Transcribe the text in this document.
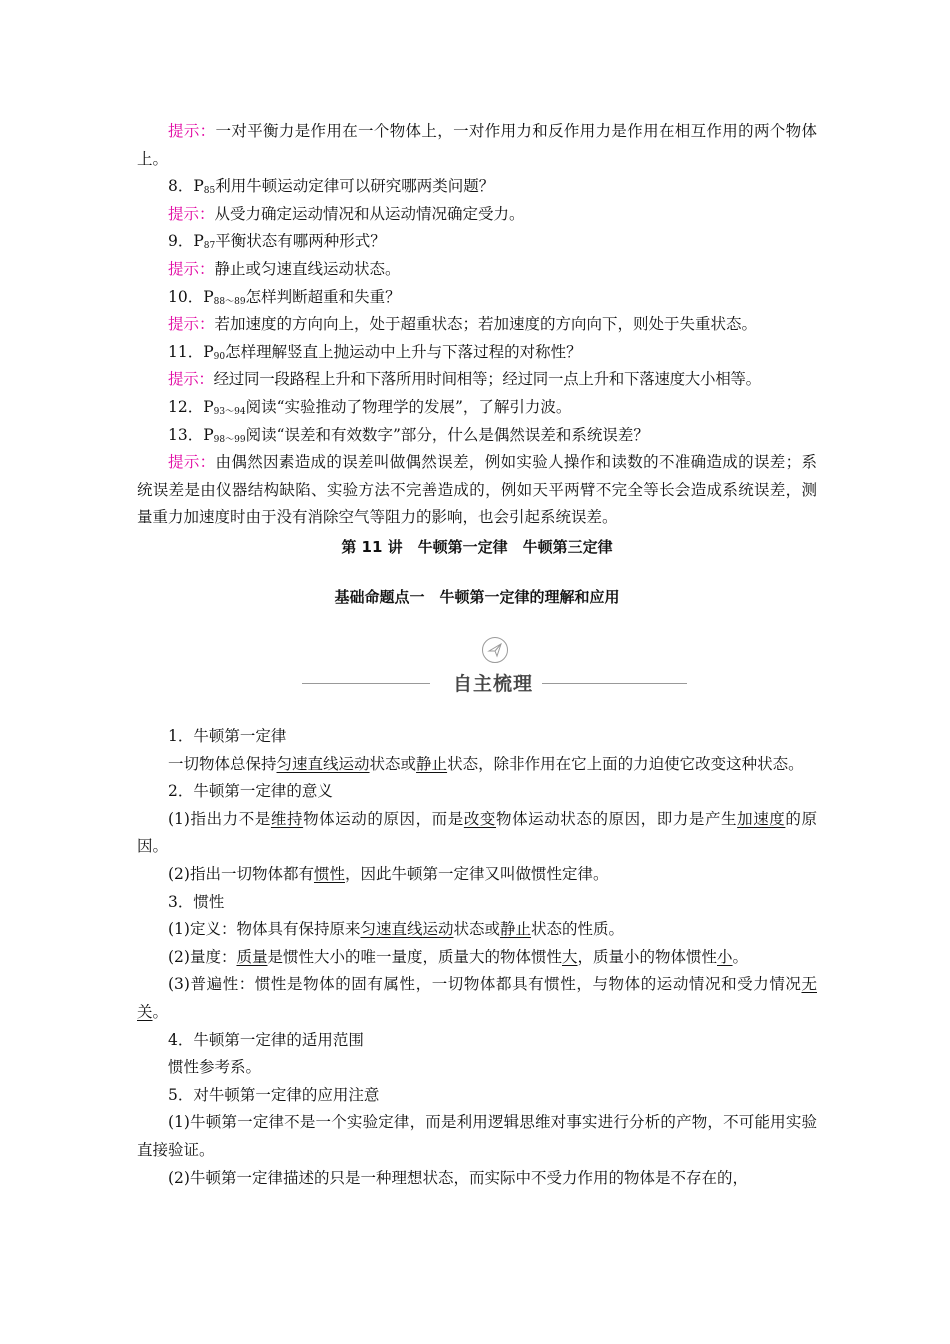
提示：一对平衡力是作用在一个物体上，一对作用力和反作用力是作用在相互作用的两个物体上。

8．$P_{85}$利用牛顿运动定律可以研究哪两类问题？

提示：从受力确定运动情况和从运动情况确定受力。

9．$P_{87}$平衡状态有哪两种形式？

提示：静止或匀速直线运动状态。

10．$P_{88\sim 89}$怎样判断超重和失重？

提示：若加速度的方向向上，处于超重状态；若加速度的方向向下，则处于失重状态。

11．$P_{90}$怎样理解竖直上抛运动中上升与下落过程的对称性？

提示：经过同一段路程上升和下落所用时间相等；经过同一点上升和下落速度大小相等。

12．$P_{93\sim 94}$阅读“实验推动了物理学的发展”，了解引力波。

13．$P_{98\sim 99}$阅读“误差和有效数字”部分，什么是偶然误差和系统误差？

提示：由偶然因素造成的误差叫做偶然误差，例如实验人操作和读数的不准确造成的误差；系统误差是由仪器结构缺陷、实验方法不完善造成的，例如天平两臂不完全等长会造成系统误差，测量重力加速度时由于没有消除空气等阻力的影响，也会引起系统误差。

第 11 讲　牛顿第一定律　牛顿第三定律

基础命题点一　牛顿第一定律的理解和应用

自主梳理

1．牛顿第一定律

一切物体总保持匀速直线运动状态或静止状态，除非作用在它上面的力迫使它改变这种状态。

2．牛顿第一定律的意义

(1)指出力不是维持物体运动的原因，而是改变物体运动状态的原因，即力是产生加速度的原因。

(2)指出一切物体都有惯性，因此牛顿第一定律又叫做惯性定律。

3．惯性

(1)定义：物体具有保持原来匀速直线运动状态或静止状态的性质。

(2)量度：质量是惯性大小的唯一量度，质量大的物体惯性大，质量小的物体惯性小。

(3)普遍性：惯性是物体的固有属性，一切物体都具有惯性，与物体的运动情况和受力情况无关。

4．牛顿第一定律的适用范围

惯性参考系。

5．对牛顿第一定律的应用注意

(1)牛顿第一定律不是一个实验定律，而是利用逻辑思维对事实进行分析的产物，不可能用实验直接验证。

(2)牛顿第一定律描述的只是一种理想状态，而实际中不受力作用的物体是不存在的，
